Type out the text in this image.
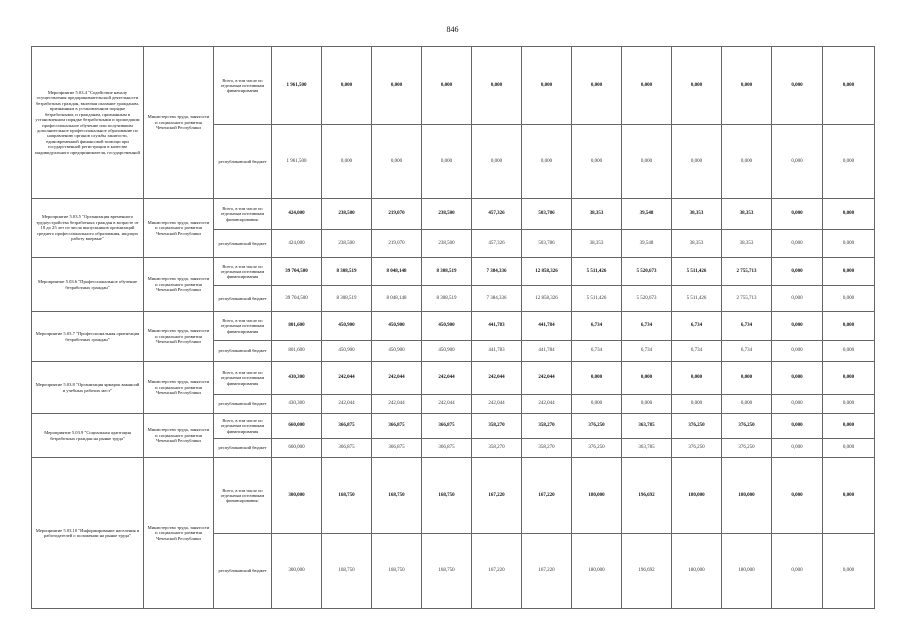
846
Мероприятие 5.03.4 "Содействие началу осуществления предпринимательской деятельности безработных граждан, включая оказание гражданам, признанным в установленном порядке безработными, и гражданам, признанным в установленном порядке безработными и прошедшим профессиональное обучение или получившим дополнительное профессиональное образование по направлению органов службы занятости, единовременной финансовой помощи при государственной регистрации в качестве индивидуального предпринимателя, государственной	Министерство труда, занятости и социального развития Чеченской Республики	Всего, в том числе по отдельным источникам финансирования	1 961,500	0,000	0,000	0,000	0,000	0,000	0,000	0,000	0,000	0,000	0,000	0,000
		республиканский бюджет	1 961,500	0,000	0,000	0,000	0,000	0,000	0,000	0,000	0,000	0,000	0,000	0,000
Мероприятие 5.03.5 "Организация временного трудоустройства безработных граждан в возрасте от 18 до 25 лет из числа выпускников организаций среднего профессионального образования, ищущих работу впервые"	Министерство труда, занятости и социального развития Чеченской Республики	Всего, в том числе по отдельным источникам финансирования:	424,000	238,500	219,070	238,500	457,326	503,786	38,353	39,548	38,353	38,353	0,000	0,000
		республиканский бюджет	424,000	238,500	219,070	238,500	457,326	503,786	38,353	39,548	38,353	38,353	0,000	0,000
Мероприятие 5.03.6 "Профессиональное обучение безработных граждан"	Министерство труда, занятости и социального развития Чеченской Республики	Всего, в том числе по отдельным источникам финансирования	39 704,500	8 308,519	8 048,148	8 308,519	7 384,336	12 858,326	5 511,426	5 520,673	5 511,426	2 755,713	0,000	0,000
		республиканский бюджет	39 704,500	8 308,519	8 048,148	8 308,519	7 384,336	12 858,326	5 511,426	5 520,673	5 511,426	2 755,713	0,000	0,000
Мероприятие 5.03.7 "Профессиональная ориентация безработных граждан"	Министерство труда, занятости и социального развития Чеченской Республики	Всего, в том числе по отдельным источникам финансирования	801,600	450,900	450,900	450,900	441,783	441,784	6,734	6,734	6,734	6,734	0,000	0,000
		республиканский бюджет	801,600	450,900	450,900	450,900	441,783	441,784	6,734	6,734	6,734	6,734	0,000	0,000
Мероприятие 5.03.8 "Организация ярмарок вакансий и учебных рабочих мест"	Министерство труда, занятости и социального развития Чеченской Республики	Всего, в том числе по отдельным источникам финансирования	430,300	242,044	242,044	242,044	242,044	242,044	0,000	0,000	0,000	0,000	0,000	0,000
		республиканский бюджет	430,300	242,044	242,044	242,044	242,044	242,044	0,000	0,000	0,000	0,000	0,000	0,000
Мероприятие 5.03.9 "Социальная адаптация безработных граждан на рынке труда"	Министерство труда, занятости и социального развития Чеченской Республики	Всего, в том числе по отдельным источникам финансирования	660,000	366,875	366,875	366,875	358,270	358,270	376,250	363,785	376,250	376,250	0,000	0,000
		республиканский бюджет	660,000	366,875	366,875	366,875	358,270	358,270	376,250	363,785	376,250	376,250	0,000	0,000
Мероприятие 5.03.10 "Информирование населения и работодателей о положении на рынке труда"	Министерство труда, занятости и социального развития Чеченской Республики	Всего, в том числе по отдельным источникам финансирования:	300,000	168,750	168,750	168,750	167,220	167,220	180,000	196,692	180,000	180,000	0,000	0,000
		республиканский бюджет	300,000	168,750	168,750	168,750	167,220	167,220	180,000	196,692	180,000	180,000	0,000	0,000
